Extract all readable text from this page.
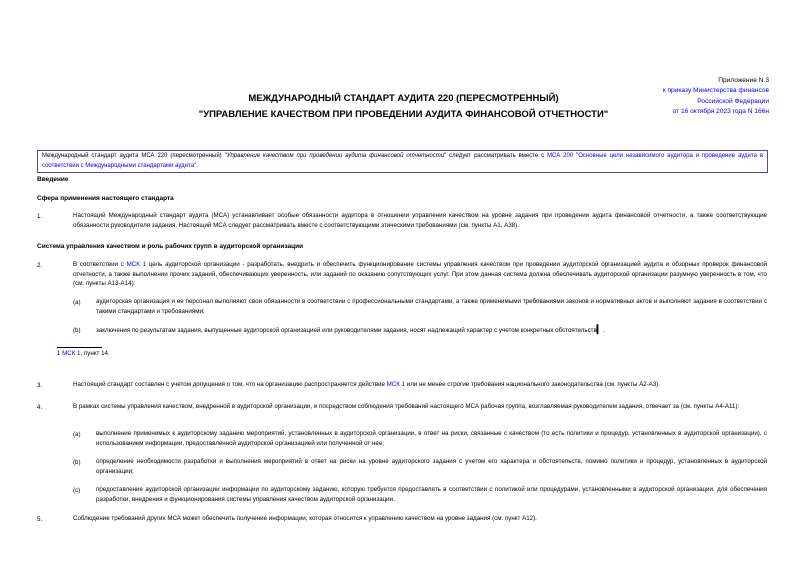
Приложение N 3
к приказу Министерства финансов
Российской Федерации
от 16 октября 2023 года N 166н
МЕЖДУНАРОДНЫЙ СТАНДАРТ АУДИТА 220 (ПЕРЕСМОТРЕННЫЙ)
"УПРАВЛЕНИЕ КАЧЕСТВОМ ПРИ ПРОВЕДЕНИИ АУДИТА ФИНАНСОВОЙ ОТЧЕТНОСТИ"
Международный стандарт аудита МСА 220 (пересмотренный) "Управление качеством при проведении аудита финансовой отчетности" следует рассматривать вместе с МСА 200 "Основные цели независимого аудитора и проведение аудита в соответствии с Международными стандартами аудита".
Введение
Сфера применения настоящего стандарта
1.	Настоящий Международный стандарт аудита (МСА) устанавливает особые обязанности аудитора в отношении управления качеством на уровне задания при проведении аудита финансовой отчетности, а также соответствующие обязанности руководителя задания. Настоящий МСА следует рассматривать вместе с соответствующими этическими требованиями (см. пункты А1, А38).
Система управления качеством и роль рабочих групп в аудиторской организации
2.	В соответствии с МСК 1 цель аудиторской организации - разработать, внедрить и обеспечить функционирование системы управления качеством при проведении аудиторской организацией аудита и обзорных проверок финансовой отчетности, а также выполнении прочих заданий, обеспечивающих уверенность, или заданий по оказанию сопутствующих услуг. При этом данная система должна обеспечивать аудиторской организации разумную уверенность в том, что (см. пункты А13-А14):
(a) аудиторская организация и ее персонал выполняют свои обязанности в соответствии с профессиональными стандартами, а также применимыми требованиями законов и нормативных актов и выполняют задания в соответствии с такими стандартами и требованиями;
(b) заключения по результатам задания, выпущенные аудиторской организацией или руководителями задания, носят надлежащий характер с учетом конкретных обстоятельств▎.
1 МСК 1, пункт 14.
3.	Настоящий стандарт составлен с учетом допущения о том, что на организацию распространяется действие МСК 1 или не менее строгие требования национального законодательства (см. пункты А2-А3).
4.	В рамках системы управления качеством, внедренной в аудиторской организации, и посредством соблюдения требований настоящего МСА рабочая группа, возглавляемая руководителем задания, отвечает за (см. пункты А4-А11):
(a) выполнение применимых к аудиторскому заданию мероприятий, установленных в аудиторской организации, в ответ на риски, связанные с качеством (то есть политики и процедур, установленных в аудиторской организации), с использованием информации, предоставленной аудиторской организацией или полученной от нее;
(b) определение необходимости разработки и выполнения мероприятий в ответ на риски на уровне аудиторского задания с учетом его характера и обстоятельств, помимо политики и процедур, установленных в аудиторской организации;
(c)	предоставление аудиторской организации информации по аудиторскому заданию, которую требуется предоставлять в соответствии с политикой или процедурами, установленными в аудиторской организации, для обеспечения разработки, внедрения и функционирования системы управления качеством аудиторской организации.
5.	Соблюдение требований других МСА может обеспечить получение информации, которая относится к управлению качеством на уровне задания (см. пункт А12).
